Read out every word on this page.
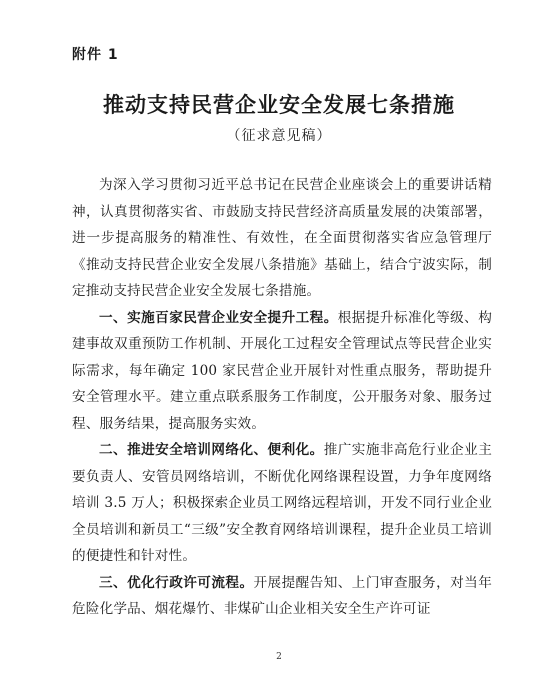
附件 1
推动支持民营企业安全发展七条措施
（征求意见稿）

为深入学习贯彻习近平总书记在民营企业座谈会上的重要讲话精神，认真贯彻落实省、市鼓励支持民营经济高质量发展的决策部署，进一步提高服务的精准性、有效性，在全面贯彻落实省应急管理厅《推动支持民营企业安全发展八条措施》基础上，结合宁波实际，制定推动支持民营企业安全发展七条措施。

一、实施百家民营企业安全提升工程。根据提升标准化等级、构建事故双重预防工作机制、开展化工过程安全管理试点等民营企业实际需求，每年确定 100 家民营企业开展针对性重点服务，帮助提升安全管理水平。建立重点联系服务工作制度，公开服务对象、服务过程、服务结果，提高服务实效。

二、推进安全培训网络化、便利化。推广实施非高危行业企业主要负责人、安管员网络培训，不断优化网络课程设置，力争年度网络培训 3.5 万人；积极探索企业员工网络远程培训，开发不同行业企业全员培训和新员工“三级”安全教育网络培训课程，提升企业员工培训的便捷性和针对性。

三、优化行政许可流程。开展提醒告知、上门审查服务，对当年危险化学品、烟花爆竹、非煤矿山企业相关安全生产许可证

2
